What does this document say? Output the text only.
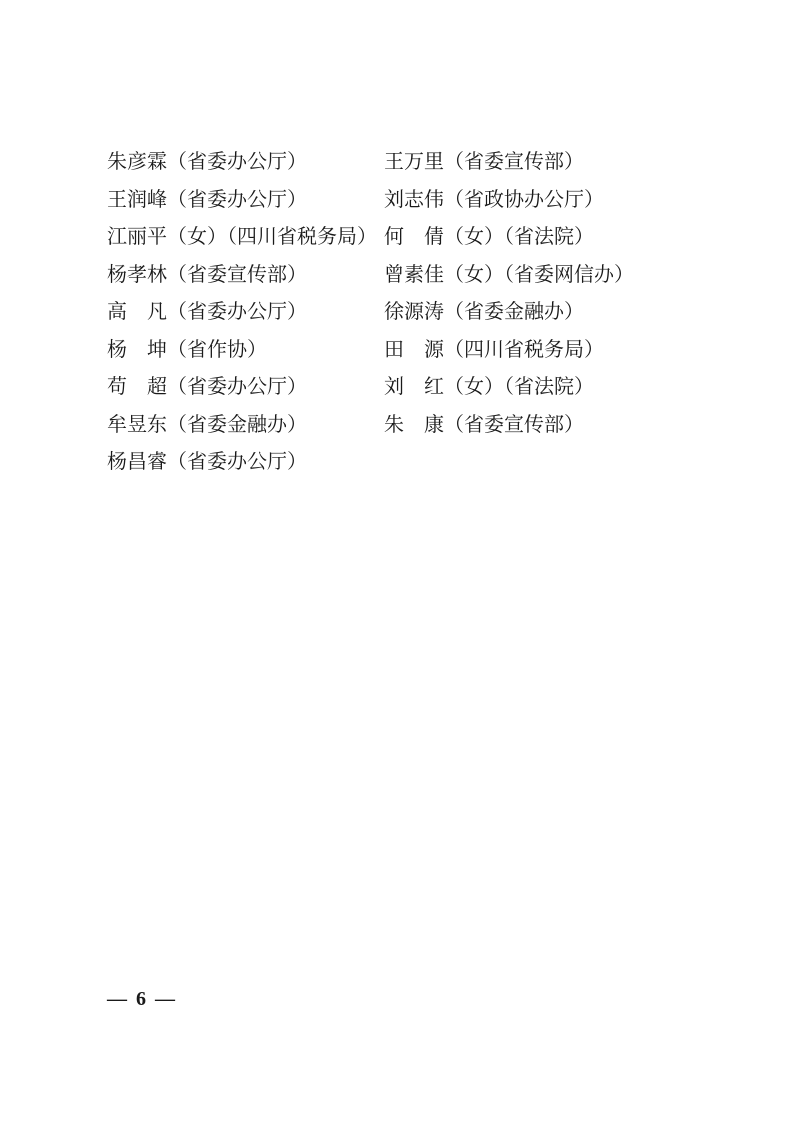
朱彦霖（省委办公厅）	王万里（省委宣传部）
王润峰（省委办公厅）	刘志伟（省政协办公厅）
江丽平（女）（四川省税务局） 何　倩（女）（省法院）
杨孝林（省委宣传部）	曾素佳（女）（省委网信办）
高　凡（省委办公厅）	徐源涛（省委金融办）
杨　坤（省作协）	田　源（四川省税务局）
苟　超（省委办公厅）	刘　红（女）（省法院）
牟昱东（省委金融办）	朱　康（省委宣传部）
杨昌睿（省委办公厅）
— 6 —
